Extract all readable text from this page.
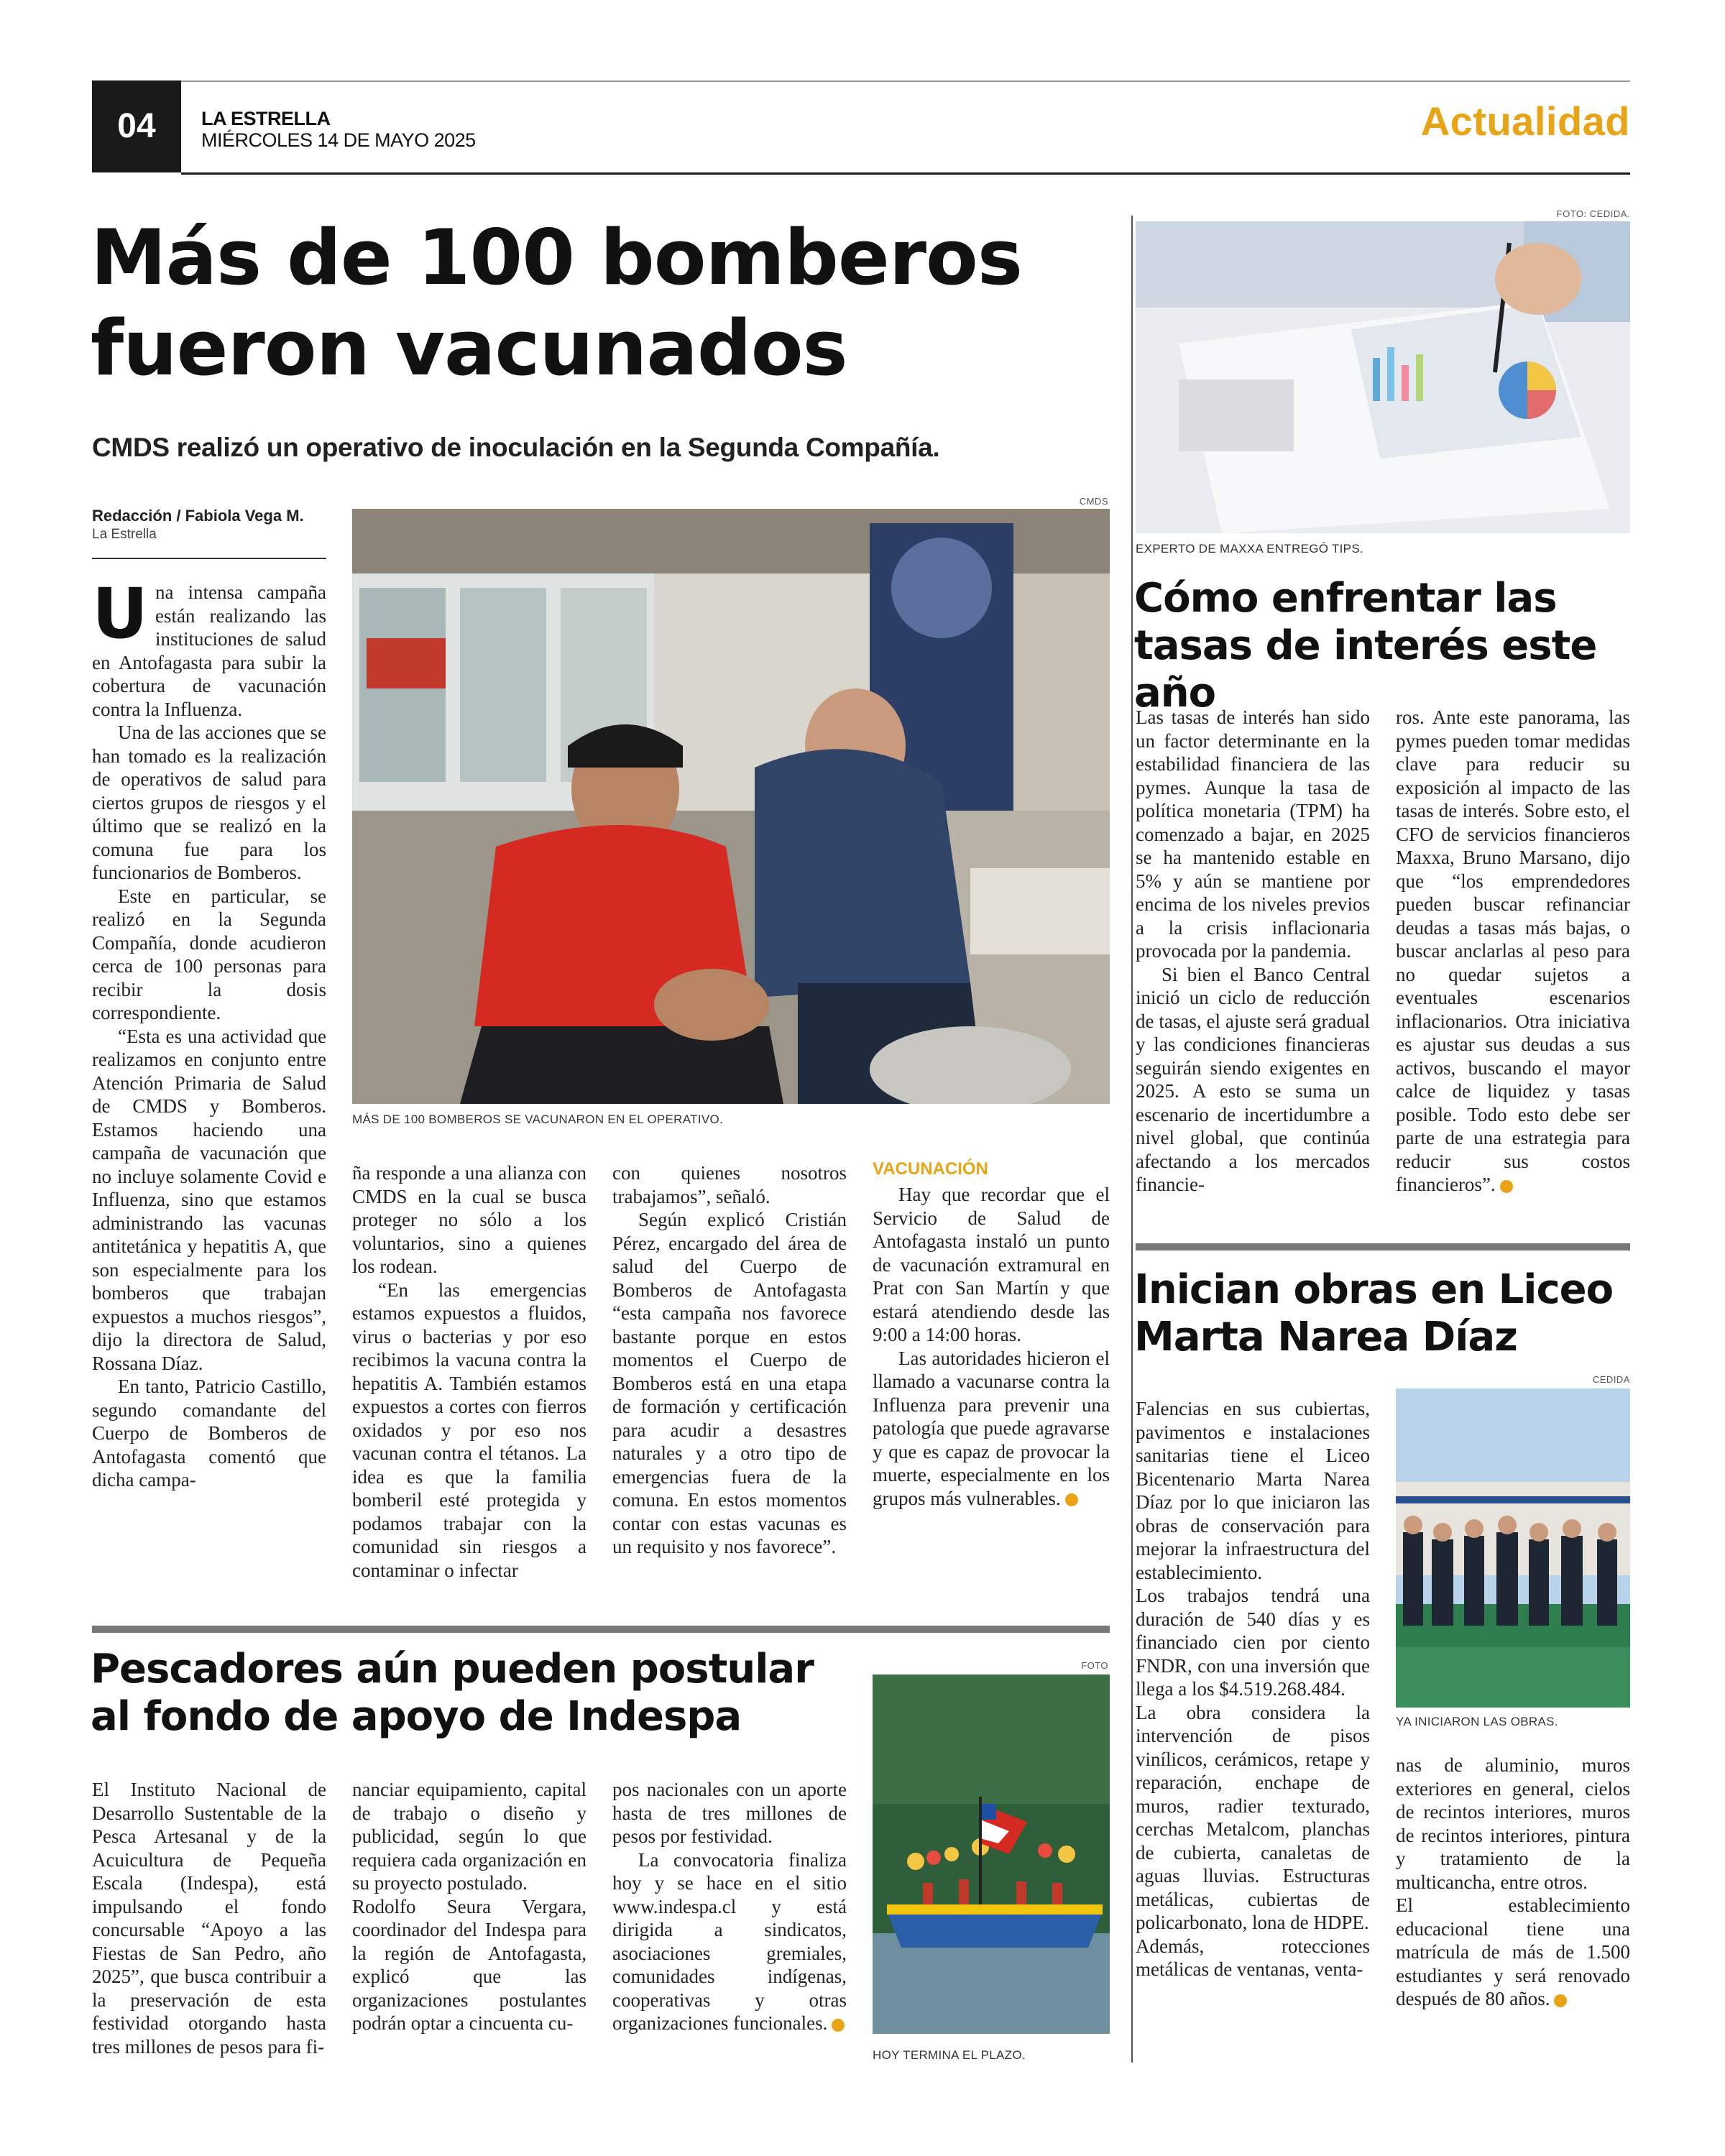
04	LA ESTRELLA
MIÉRCOLES 14 DE MAYO 2025	Actualidad
Más de 100 bomberos fueron vacunados
CMDS realizó un operativo de inoculación en la Segunda Compañía.
Redacción / Fabiola Vega M.
La Estrella
CMDS
MÁS DE 100 BOMBEROS SE VACUNARON EN EL OPERATIVO.

Una intensa campaña están realizando las instituciones de salud en Antofagasta para subir la cobertura de vacunación contra la Influenza.

Una de las acciones que se han tomado es la realización de operativos de salud para ciertos grupos de riesgos y el último que se realizó en la comuna fue para los funcionarios de Bomberos.

Este en particular, se realizó en la Segunda Compañía, donde acudieron cerca de 100 personas para recibir la dosis correspondiente.

“Esta es una actividad que realizamos en conjunto entre Atención Primaria de Salud de CMDS y Bomberos. Estamos haciendo una campaña de vacunación que no incluye solamente Covid e Influenza, sino que estamos administrando las vacunas antitetánica y hepatitis A, que son especialmente para los bomberos que trabajan expuestos a muchos riesgos”, dijo la directora de Salud, Rossana Díaz.

En tanto, Patricio Castillo, segundo comandante del Cuerpo de Bomberos de Antofagasta comentó que dicha campa-

ña responde a una alianza con CMDS en la cual se busca proteger no sólo a los voluntarios, sino a quienes los rodean.

“En las emergencias estamos expuestos a fluidos, virus o bacterias y por eso recibimos la vacuna contra la hepatitis A. También estamos expuestos a cortes con fierros oxidados y por eso nos vacunan contra el tétanos. La idea es que la familia bomberil esté protegida y podamos trabajar con la comunidad sin riesgos a contaminar o infectar

con quienes nosotros trabajamos”, señaló.

Según explicó Cristián Pérez, encargado del área de salud del Cuerpo de Bomberos de Antofagasta “esta campaña nos favorece bastante porque en estos momentos el Cuerpo de Bomberos está en una etapa de formación y certificación para acudir a desastres naturales y a otro tipo de emergencias fuera de la comuna. En estos momentos contar con estas vacunas es un requisito y nos favorece”.

VACUNACIÓN

Hay que recordar que el Servicio de Salud de Antofagasta instaló un punto de vacunación extramural en Prat con San Martín y que estará atendiendo desde las 9:00 a 14:00 horas.

Las autoridades hicieron el llamado a vacunarse contra la Influenza para prevenir una patología que puede agravarse y que es capaz de provocar la muerte, especialmente en los grupos más vulnerables.

FOTO: CEDIDA.
EXPERTO DE MAXXA ENTREGÓ TIPS.
Cómo enfrentar las tasas de interés este año

Las tasas de interés han sido un factor determinante en la estabilidad financiera de las pymes. Aunque la tasa de política monetaria (TPM) ha comenzado a bajar, en 2025 se ha mantenido estable en 5% y aún se mantiene por encima de los niveles previos a la crisis inflacionaria provocada por la pandemia.

Si bien el Banco Central inició un ciclo de reducción de tasas, el ajuste será gradual y las condiciones financieras seguirán siendo exigentes en 2025. A esto se suma un escenario de incertidumbre a nivel global, que continúa afectando a los mercados financie-

ros. Ante este panorama, las pymes pueden tomar medidas clave para reducir su exposición al impacto de las tasas de interés. Sobre esto, el CFO de servicios financieros Maxxa, Bruno Marsano, dijo que “los emprendedores pueden buscar refinanciar deudas a tasas más bajas, o buscar anclarlas al peso para no quedar sujetos a eventuales escenarios inflacionarios. Otra iniciativa es ajustar sus deudas a sus activos, buscando el mayor calce de liquidez y tasas posible. Todo esto debe ser parte de una estrategia para reducir sus costos financieros”.

Inician obras en Liceo Marta Narea Díaz
CEDIDA
YA INICIARON LAS OBRAS.

Falencias en sus cubiertas, pavimentos e instalaciones sanitarias tiene el Liceo Bicentenario Marta Narea Díaz por lo que iniciaron las obras de conservación para mejorar la infraestructura del establecimiento.

Los trabajos tendrá una duración de 540 días y es financiado cien por ciento FNDR, con una inversión que llega a los $4.519.268.484.

La obra considera la intervención de pisos vinílicos, cerámicos, retape y reparación, enchape de muros, radier texturado, cerchas Metalcom, planchas de cubierta, canaletas de aguas lluvias. Estructuras metálicas, cubiertas de policarbonato, lona de HDPE.

Además, rotecciones metálicas de ventanas, venta-

nas de aluminio, muros exteriores en general, cielos de recintos interiores, muros de recintos interiores, pintura y tratamiento de la multicancha, entre otros.

El establecimiento educacional tiene una matrícula de más de 1.500 estudiantes y será renovado después de 80 años.

Pescadores aún pueden postular al fondo de apoyo de Indespa
FOTO
HOY TERMINA EL PLAZO.

El Instituto Nacional de Desarrollo Sustentable de la Pesca Artesanal y de la Acuicultura de Pequeña Escala (Indespa), está impulsando el fondo concursable “Apoyo a las Fiestas de San Pedro, año 2025”, que busca contribuir a la preservación de esta festividad otorgando hasta tres millones de pesos para fi-

nanciar equipamiento, capital de trabajo o diseño y publicidad, según lo que requiera cada organización en su proyecto postulado.

Rodolfo Seura Vergara, coordinador del Indespa para la región de Antofagasta, explicó que las organizaciones postulantes podrán optar a cincuenta cu-

pos nacionales con un aporte hasta de tres millones de pesos por festividad.

La convocatoria finaliza hoy y se hace en el sitio www.indespa.cl y está dirigida a sindicatos, asociaciones gremiales, comunidades indígenas, cooperativas y otras organizaciones funcionales.
